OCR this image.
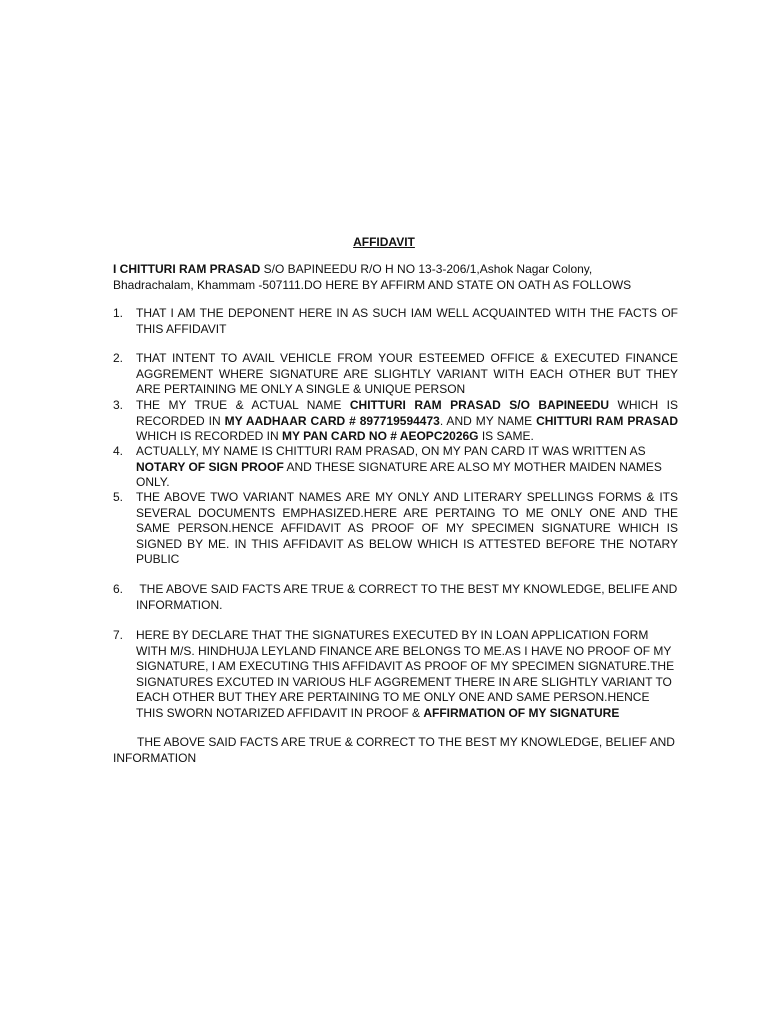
AFFIDAVIT
I CHITTURI RAM PRASAD S/O BAPINEEDU R/O H NO 13-3-206/1,Ashok Nagar Colony, Bhadrachalam, Khammam -507111.DO HERE BY AFFIRM AND STATE ON OATH AS FOLLOWS
1.	THAT I AM THE DEPONENT HERE IN AS SUCH IAM WELL ACQUAINTED WITH THE FACTS OF THIS AFFIDAVIT
2.	THAT INTENT TO AVAIL VEHICLE FROM YOUR ESTEEMED OFFICE & EXECUTED FINANCE AGGREMENT WHERE SIGNATURE ARE SLIGHTLY VARIANT WITH EACH OTHER BUT THEY ARE PERTAINING ME ONLY A SINGLE & UNIQUE PERSON
3.	THE MY TRUE & ACTUAL NAME CHITTURI RAM PRASAD S/O BAPINEEDU WHICH IS RECORDED IN MY AADHAAR CARD # 897719594473. AND MY NAME CHITTURI RAM PRASAD WHICH IS RECORDED IN MY PAN CARD NO # AEOPC2026G IS SAME.
4.	ACTUALLY, MY NAME IS CHITTURI RAM PRASAD, ON MY PAN CARD IT WAS WRITTEN AS NOTARY OF SIGN PROOF AND THESE SIGNATURE ARE ALSO MY MOTHER MAIDEN NAMES ONLY.
5.	THE ABOVE TWO VARIANT NAMES ARE MY ONLY AND LITERARY SPELLINGS FORMS & ITS SEVERAL DOCUMENTS EMPHASIZED.HERE ARE PERTAING TO ME ONLY ONE AND THE SAME PERSON.HENCE AFFIDAVIT AS PROOF OF MY SPECIMEN SIGNATURE WHICH IS SIGNED BY ME. IN THIS AFFIDAVIT AS BELOW WHICH IS ATTESTED BEFORE THE NOTARY PUBLIC
6.	THE ABOVE SAID FACTS ARE TRUE & CORRECT TO THE BEST MY KNOWLEDGE, BELIFE AND INFORMATION.
7.	HERE BY DECLARE THAT THE SIGNATURES EXECUTED BY IN LOAN APPLICATION FORM WITH M/S. HINDHUJA LEYLAND FINANCE ARE BELONGS TO ME.AS I HAVE NO PROOF OF MY SIGNATURE, I AM EXECUTING THIS AFFIDAVIT AS PROOF OF MY SPECIMEN SIGNATURE.THE SIGNATURES EXCUTED IN VARIOUS HLF AGGREMENT THERE IN ARE SLIGHTLY VARIANT TO EACH OTHER BUT THEY ARE PERTAINING TO ME ONLY ONE AND SAME PERSON.HENCE THIS SWORN NOTARIZED AFFIDAVIT IN PROOF & AFFIRMATION OF MY SIGNATURE
THE ABOVE SAID FACTS ARE TRUE & CORRECT TO THE BEST MY KNOWLEDGE, BELIEF AND INFORMATION
